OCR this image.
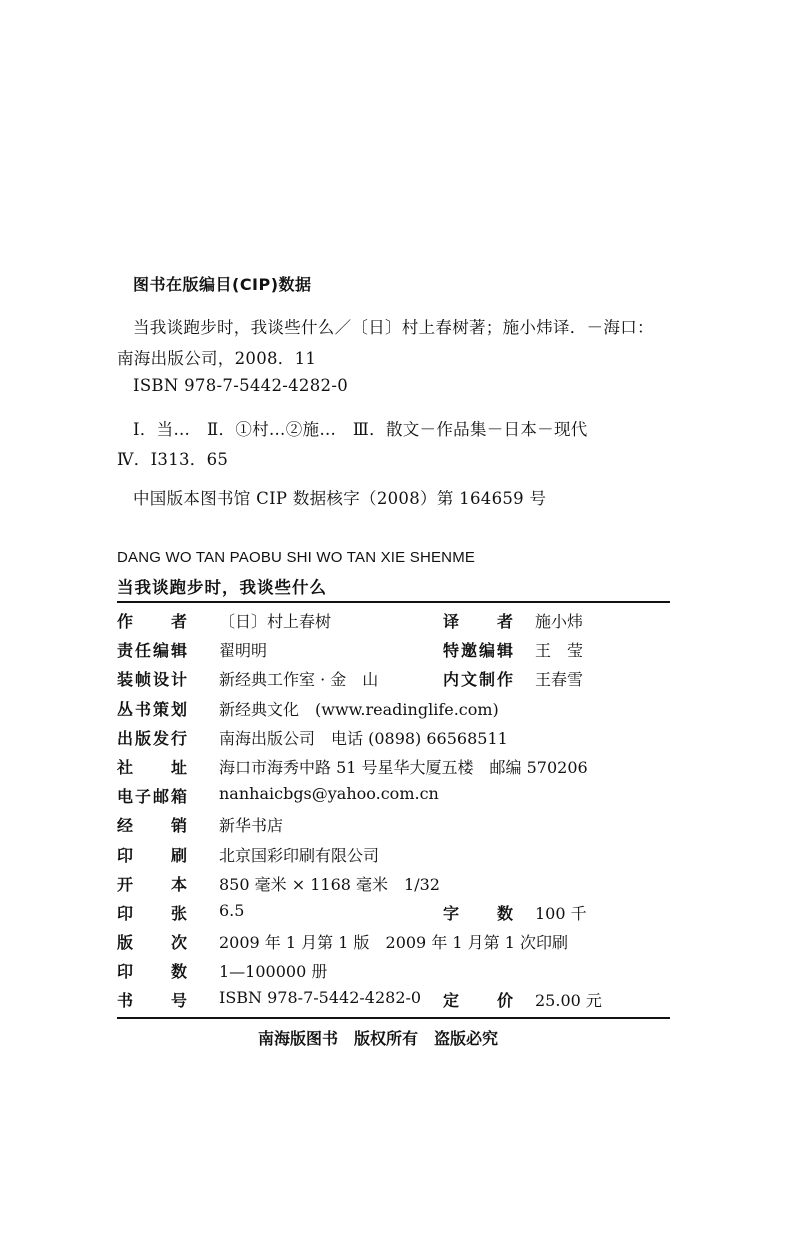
图书在版编目(CIP)数据
当我谈跑步时，我谈些什么／〔日〕村上春树著；施小炜译．－海口：
南海出版公司，2008．11
ISBN 978-7-5442-4282-0
Ⅰ．当…　Ⅱ．①村…②施…　Ⅲ．散文－作品集－日本－现代
Ⅳ．I313．65
中国版本图书馆 CIP 数据核字（2008）第 164659 号
DANG WO TAN PAOBU SHI WO TAN XIE SHENME
当我谈跑步时，我谈些什么
作 者 〔日〕村上春树	译 者 施小炜
责 任 编 辑 翟明明	特 邀 编 辑 王　莹
装 帧 设 计 新经典工作室 · 金　山	内 文 制 作 王春雪
丛 书 策 划 新经典文化　(www.readinglife.com)
出 版 发 行 南海出版公司　电话 (0898) 66568511
社 址 海口市海秀中路 51 号星华大厦五楼　邮编 570206
电 子 邮 箱 nanhaicbgs@yahoo.com.cn
经 销 新华书店
印 刷 北京国彩印刷有限公司
开 本 850 毫米 × 1168 毫米　1/32
印 张 6.5	字 数 100 千
版 次 2009 年 1 月第 1 版　2009 年 1 月第 1 次印刷
印 数 1—100000 册
书 号 ISBN 978-7-5442-4282-0 定 价 25.00 元
南海版图书　版权所有　盗版必究
